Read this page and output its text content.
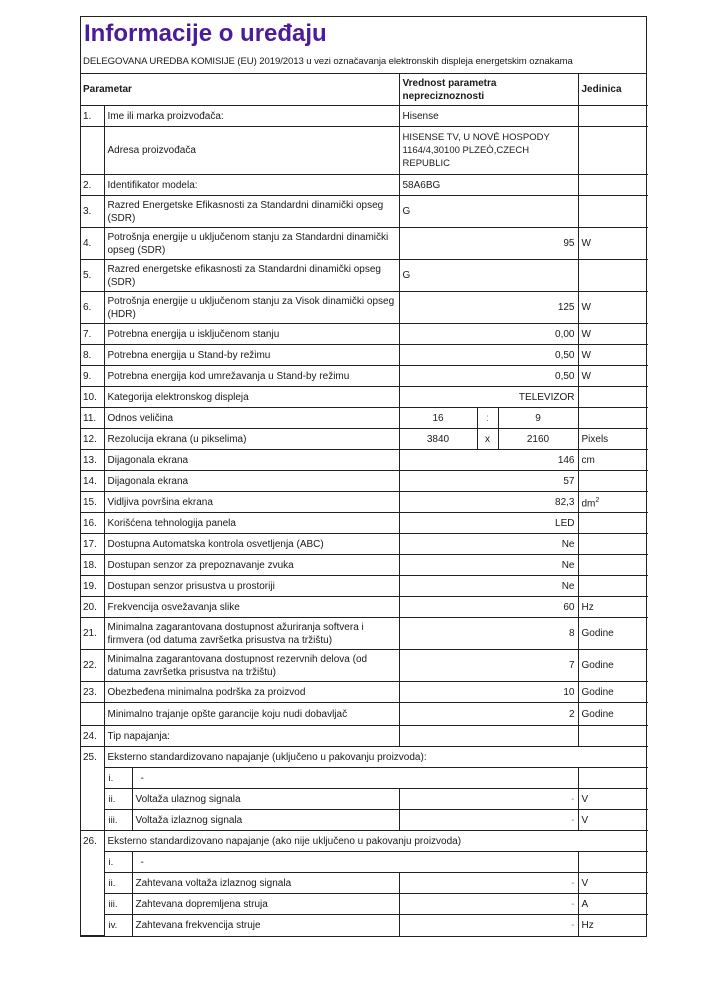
Informacije o uređaju
DELEGOVANA UREDBA KOMISIJE (EU) 2019/2013 u vezi označavanja elektronskih displeja energetskim oznakama
Parametar			Vrednost parametra nepreciznoznosti			Jedinica
1.	Ime ili marka proizvođača:		Hisense			
	Adresa proizvođača		HISENSE TV, U NOVÉ HOSPODY 1164/4,30100 PLZEÒ,CZECH REPUBLIC			
2.	Identifikator modela:		58A6BG			
3.	Razred Energetske Efikasnosti za Standardni dinamički opseg (SDR)		G			
4.	Potrošnja energije u uključenom stanju za Standardni dinamički opseg (SDR)		95			W
5.	Razred energetske efikasnosti za Standardni dinamički opseg (SDR)		G			
6.	Potrošnja energije u uključenom stanju za Visok dinamički opseg (HDR)		125			W
7.	Potrebna energija u isključenom stanju		0,00			W
8.	Potrebna energija u Stand-by režimu		0,50			W
9.	Potrebna energija kod umrežavanja u Stand-by režimu		0,50			W
10.	Kategorija elektronskog displeja		TELEVIZOR			
11.	Odnos veličina		16	:	9	
12.	Rezolucija ekrana (u pikselima)		3840	x	2160	Pixels
13.	Dijagonala ekrana		146			cm
14.	Dijagonala ekrana		57			
15.	Vidljiva površina ekrana		82,3			$dm^2$
16.	Korišćena tehnologija panela		LED			
17.	Dostupna Automatska kontrola osvetljenja (ABC)		Ne			
18.	Dostupan senzor za prepoznavanje zvuka		Ne			
19.	Dostupan senzor prisustva u prostoriji		Ne			
20.	Frekvencija osvežavanja slike		60			Hz
21.	Minimalna zagarantovana dostupnost ažuriranja softvera i firmvera (od datuma završetka prisustva na tržištu)		8			Godine
22.	Minimalna zagarantovana dostupnost rezervnih delova (od datuma završetka prisustva na tržištu)		7			Godine
23.	Obezbeđena minimalna podrška za proizvod		10			Godine
	Minimalno trajanje opšte garancije koju nudi dobavljač		2			Godine
24.	Tip napajanja:					
25.	Eksterno standardizovano napajanje (uključeno u pakovanju proizvoda):					
	i.	-				
	ii.	Voltaža ulaznog signala	-			V
	iii.	Voltaža izlaznog signala	-			V
26.	Eksterno standardizovano napajanje (ako nije uključeno u pakovanju proizvoda)					
	i.	-				
	ii.	Zahtevana voltaža izlaznog signala	-			V
	iii.	Zahtevana dopremljena struja	-			A
	iv.	Zahtevana frekvencija struje	-			Hz
